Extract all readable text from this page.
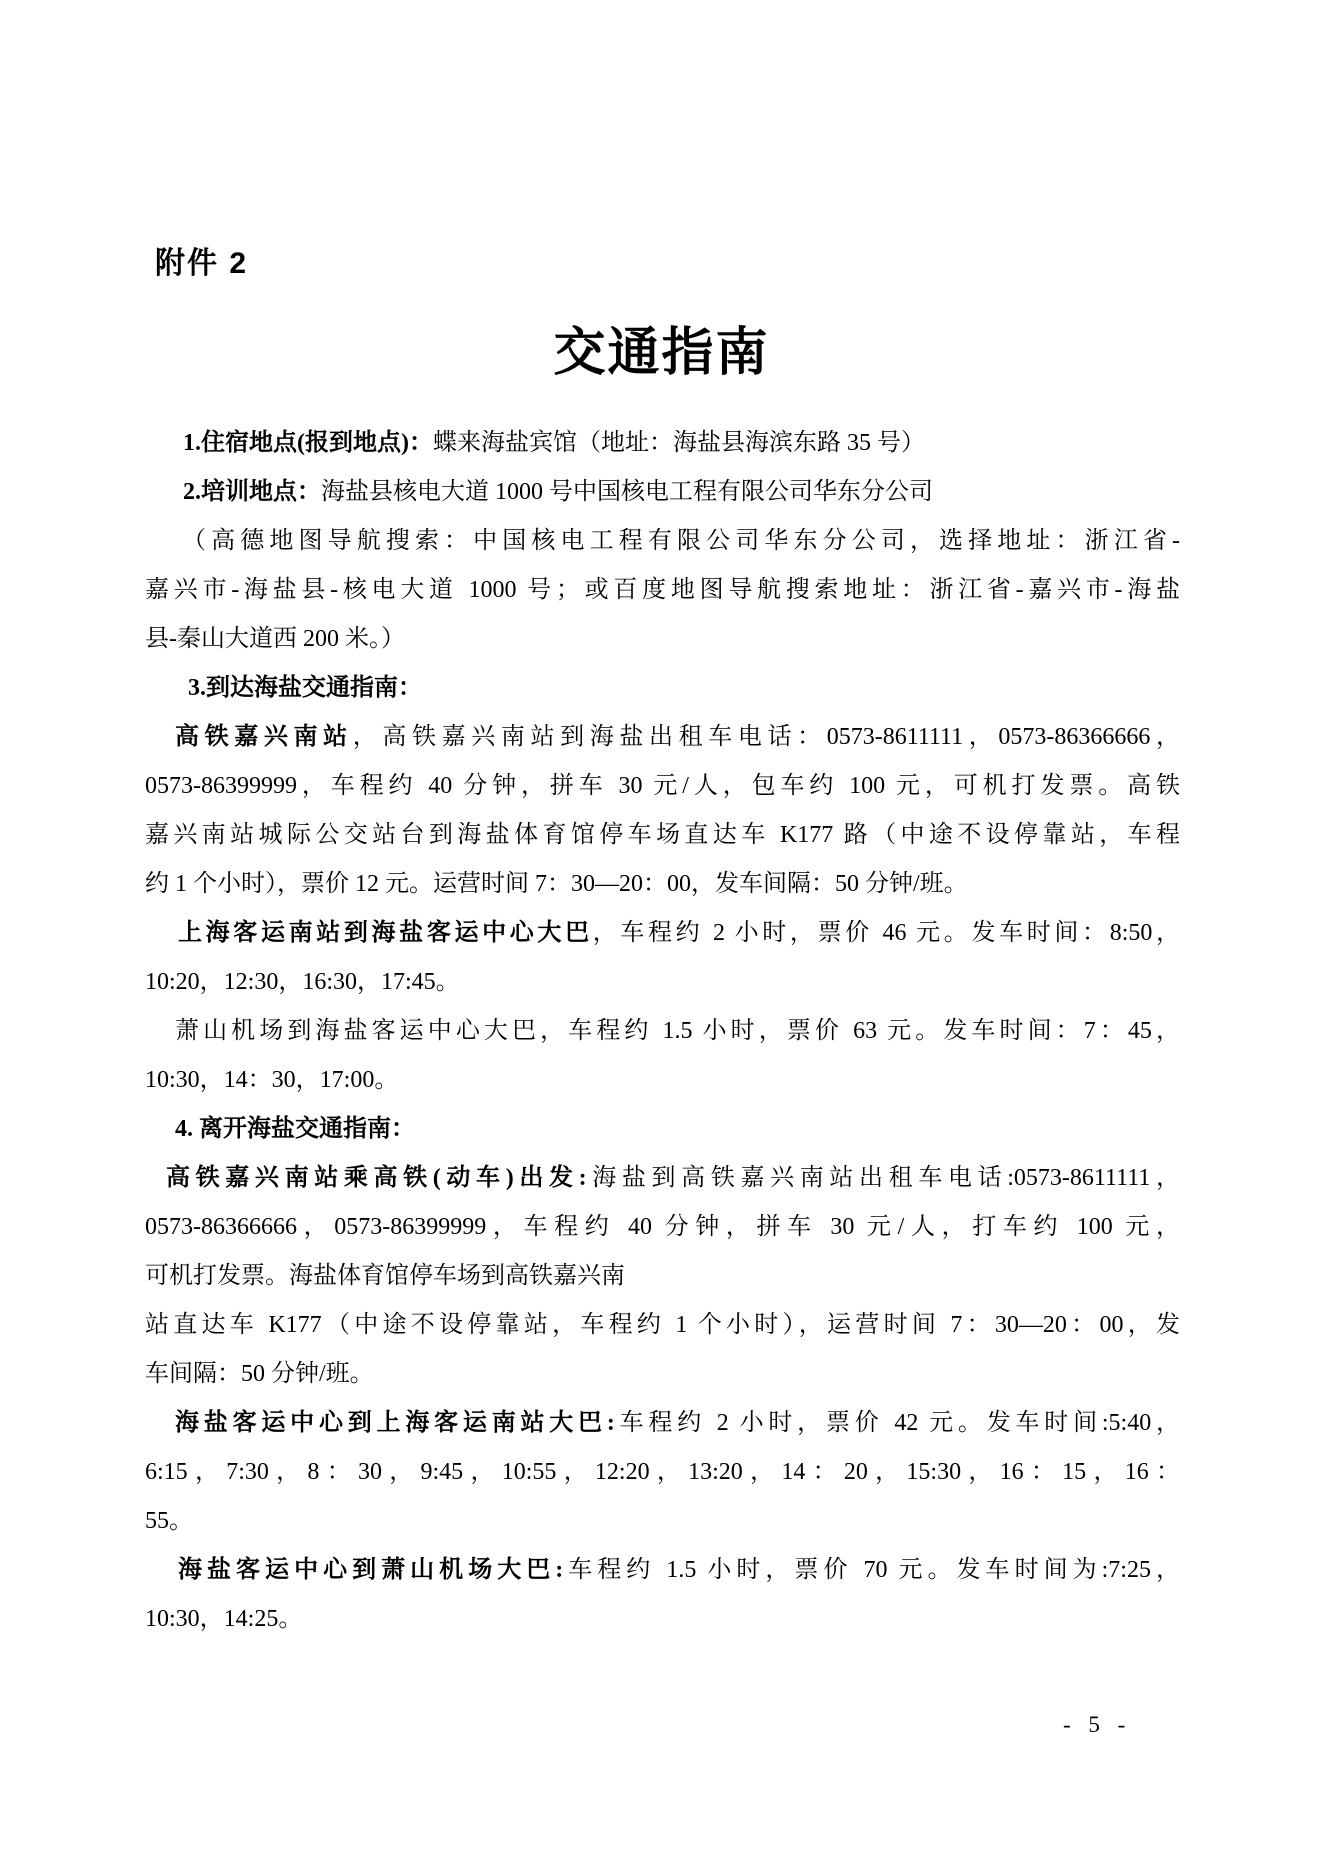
附件 2
交通指南
1.住宿地点(报到地点)：蝶来海盐宾馆（地址：海盐县海滨东路 35 号）
2.培训地点：海盐县核电大道 1000 号中国核电工程有限公司华东分公司
（高德地图导航搜索：中国核电工程有限公司华东分公司，选择地址：浙江省-
嘉兴市-海盐县-核电大道 1000 号；或百度地图导航搜索地址：浙江省-嘉兴市-海盐
县-秦山大道西 200 米。）
3.到达海盐交通指南：
高铁嘉兴南站，高铁嘉兴南站到海盐出租车电话：0573-8611111，0573-86366666，
0573-86399999，车程约 40 分钟，拼车 30 元/人，包车约 100 元，可机打发票。高铁
嘉兴南站城际公交站台到海盐体育馆停车场直达车 K177 路（中途不设停靠站，车程
约 1 个小时），票价 12 元。运营时间 7：30—20：00，发车间隔：50 分钟/班。
上海客运南站到海盐客运中心大巴，车程约 2 小时，票价 46 元。发车时间：8:50，
10:20，12:30，16:30，17:45。
萧山机场到海盐客运中心大巴，车程约 1.5 小时，票价 63 元。发车时间：7：45，
10:30，14：30，17:00。
4. 离开海盐交通指南：
高铁嘉兴南站乘高铁(动车)出发:海盐到高铁嘉兴南站出租车电话:0573-8611111，
0573-86366666，0573-86399999，车程约 40 分钟，拼车 30 元/人，打车约 100 元，
可机打发票。海盐体育馆停车场到高铁嘉兴南
站直达车 K177（中途不设停靠站，车程约 1 个小时），运营时间 7：30—20：00，发
车间隔：50 分钟/班。
海盐客运中心到上海客运南站大巴:车程约 2 小时，票价 42 元。发车时间:5:40，
6:15，7:30，8：30，9:45，10:55，12:20，13:20，14：20，15:30，16：15，16：
55。
海盐客运中心到萧山机场大巴:车程约 1.5 小时，票价 70 元。发车时间为:7:25，
10:30，14:25。
- 5 -
